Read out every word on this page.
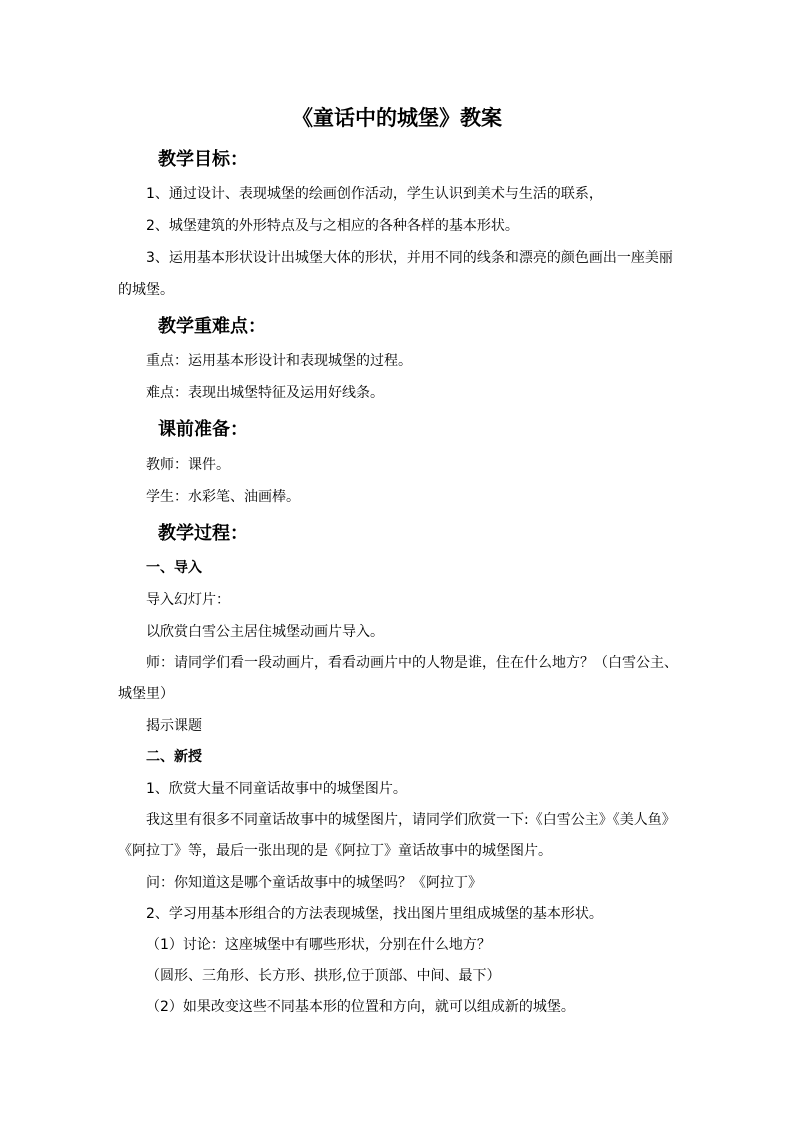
《童话中的城堡》教案
教学目标：
1、通过设计、表现城堡的绘画创作活动，学生认识到美术与生活的联系，
2、城堡建筑的外形特点及与之相应的各种各样的基本形状。
3、运用基本形状设计出城堡大体的形状，并用不同的线条和漂亮的颜色画出一座美丽
的城堡。
教学重难点：
重点：运用基本形设计和表现城堡的过程。
难点：表现出城堡特征及运用好线条。
课前准备：
教师：课件。
学生：水彩笔、油画棒。
教学过程：
一、导入
导入幻灯片：
以欣赏白雪公主居住城堡动画片导入。
师：请同学们看一段动画片，看看动画片中的人物是谁，住在什么地方？（白雪公主、
城堡里）
揭示课题
二、新授
1、欣赏大量不同童话故事中的城堡图片。
我这里有很多不同童话故事中的城堡图片，请同学们欣赏一下:《白雪公主》《美人鱼》
《阿拉丁》等，最后一张出现的是《阿拉丁》童话故事中的城堡图片。
问：你知道这是哪个童话故事中的城堡吗？《阿拉丁》
2、学习用基本形组合的方法表现城堡，找出图片里组成城堡的基本形状。
（1）讨论：这座城堡中有哪些形状，分别在什么地方？
（圆形、三角形、长方形、拱形,位于顶部、中间、最下）
（2）如果改变这些不同基本形的位置和方向，就可以组成新的城堡。
